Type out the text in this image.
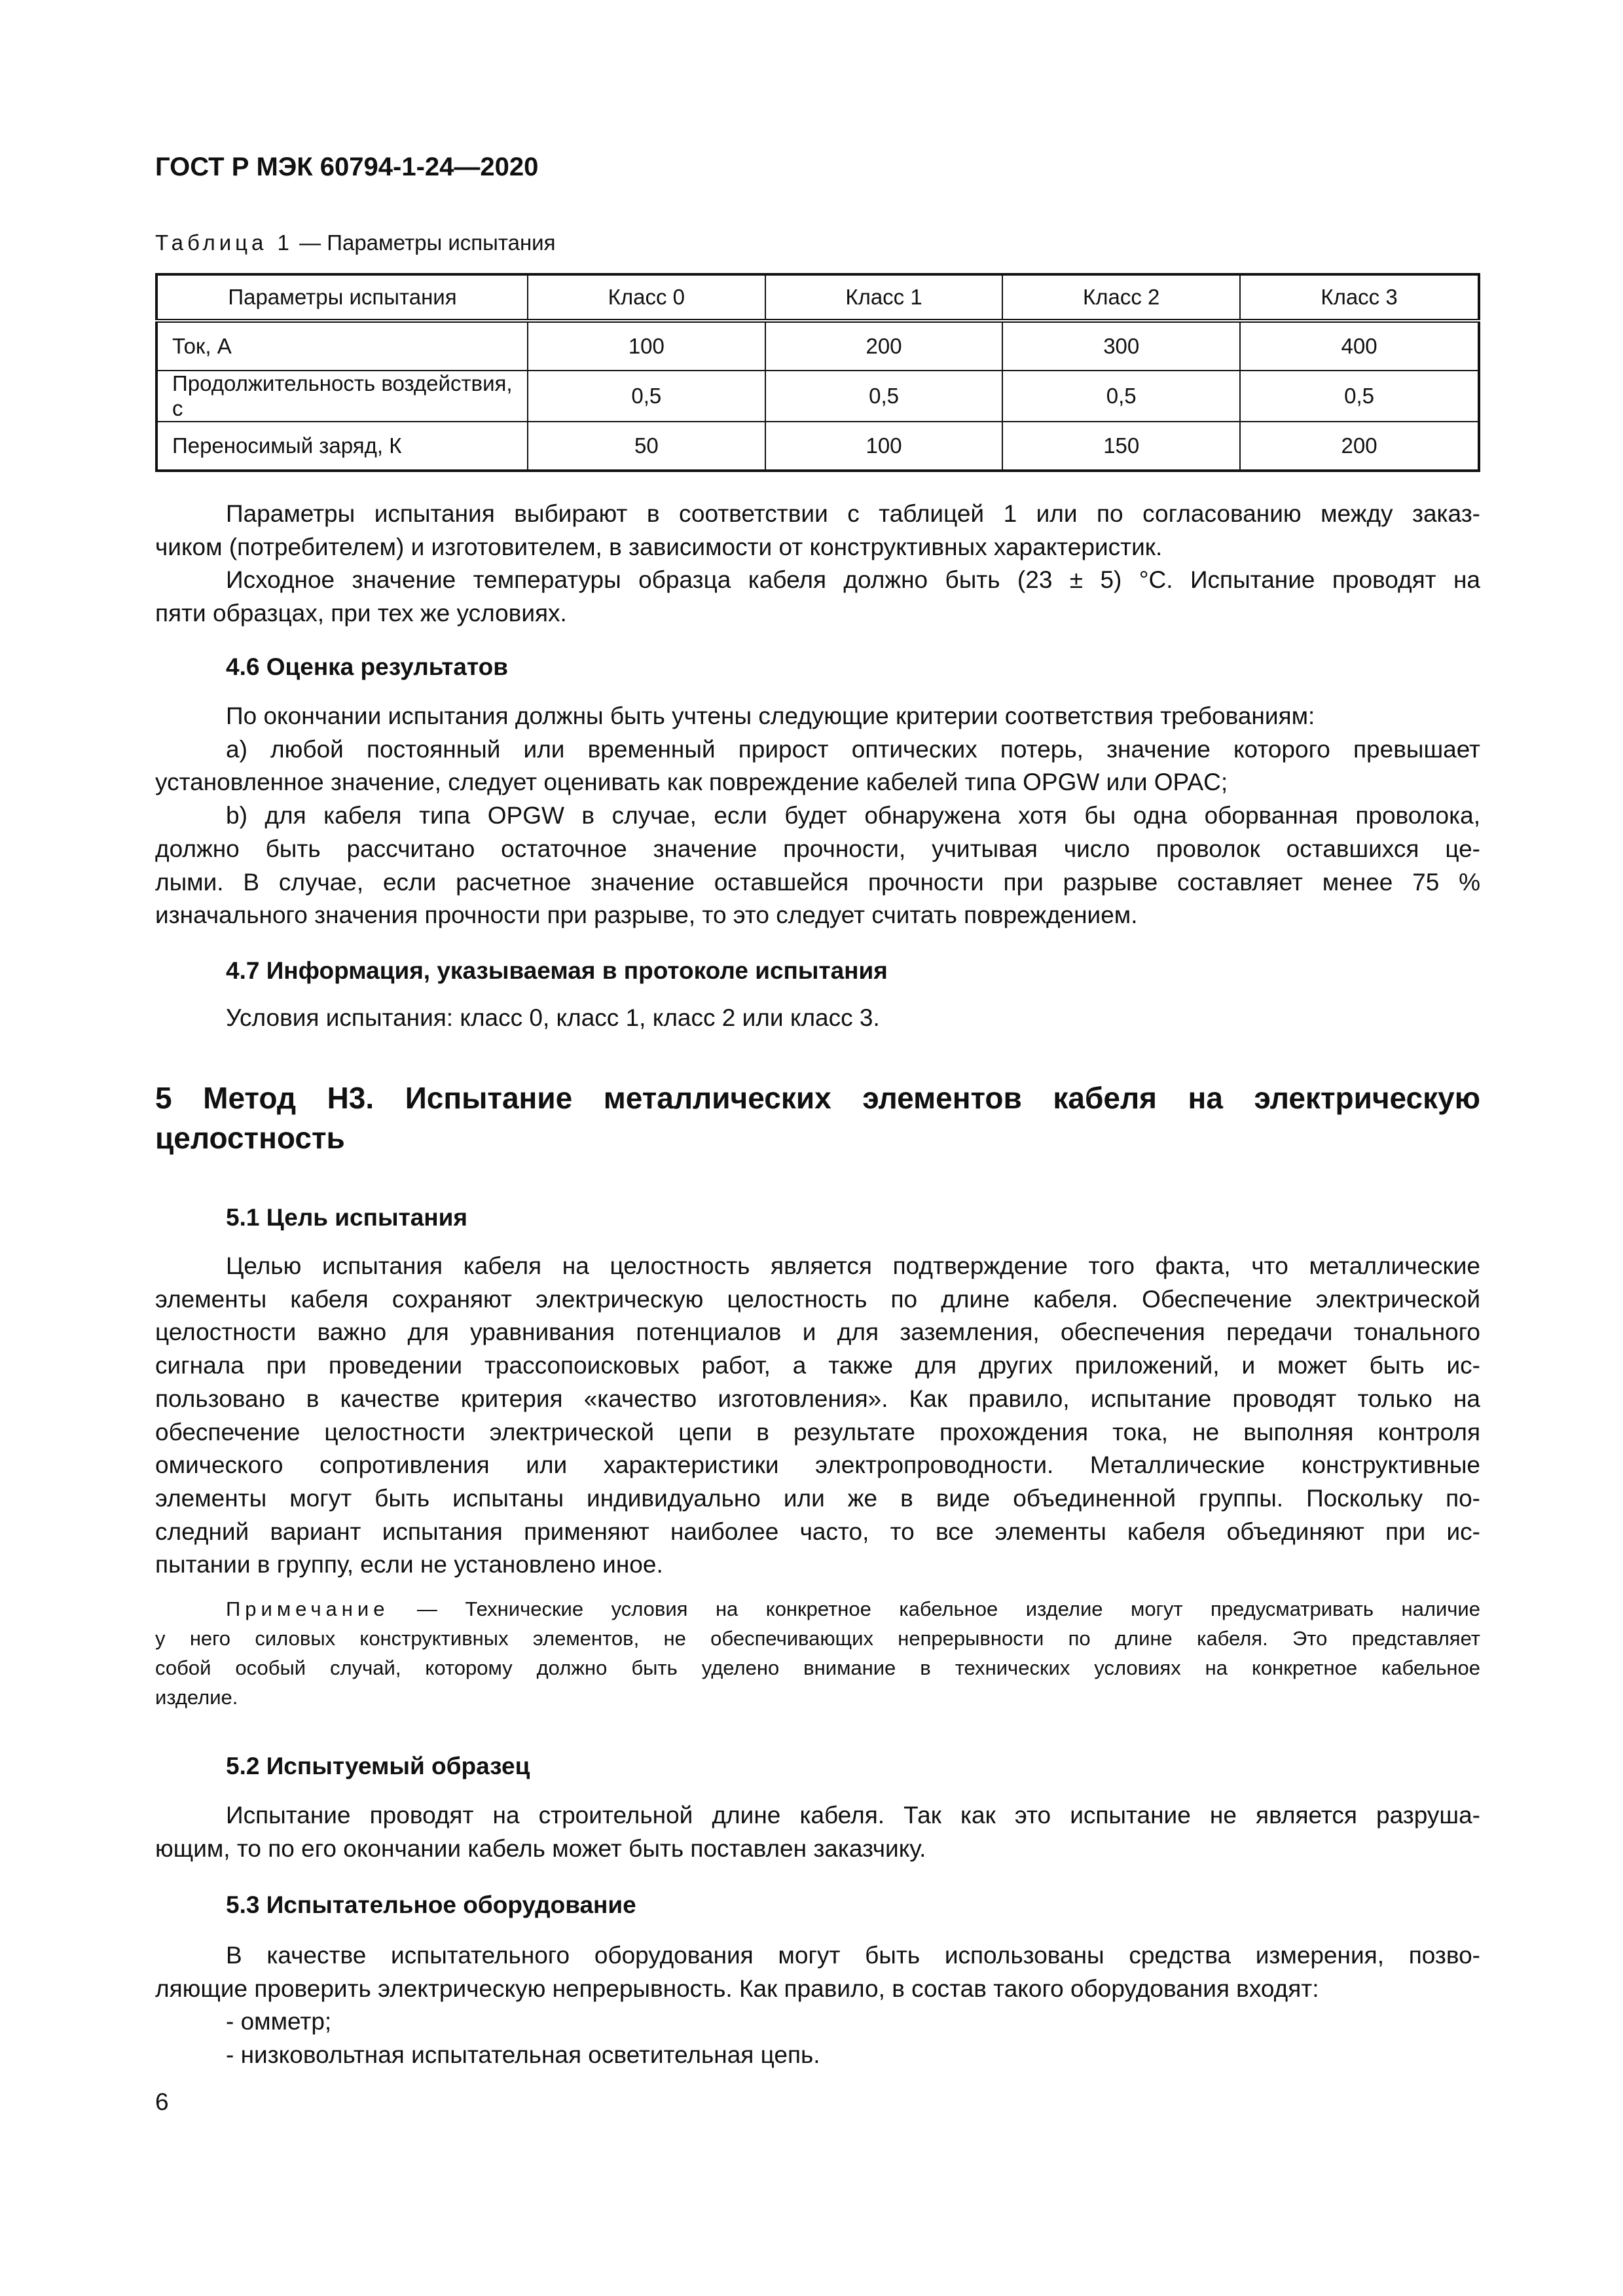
ГОСТ Р МЭК 60794-1-24—2020
Таблица 1 — Параметры испытания
Параметры испытания	Класс 0	Класс 1	Класс 2	Класс 3
Ток, А	100	200	300	400
Продолжительность воздействия, с	0,5	0,5	0,5	0,5
Переносимый заряд, К	50	100	150	200
Параметры испытания выбирают в соответствии с таблицей 1 или по согласованию между заказ-
чиком (потребителем) и изготовителем, в зависимости от конструктивных характеристик.
Исходное значение температуры образца кабеля должно быть (23 ± 5) °С. Испытание проводят на
пяти образцах, при тех же условиях.
4.6 Оценка результатов
По окончании испытания должны быть учтены следующие критерии соответствия требованиям:
a) любой постоянный или временный прирост оптических потерь, значение которого превышает
установленное значение, следует оценивать как повреждение кабелей типа OPGW или OPAC;
b) для кабеля типа OPGW в случае, если будет обнаружена хотя бы одна оборванная проволока,
должно быть рассчитано остаточное значение прочности, учитывая число проволок оставшихся це-
лыми. В случае, если расчетное значение оставшейся прочности при разрыве составляет менее 75 %
изначального значения прочности при разрыве, то это следует считать повреждением.
4.7 Информация, указываемая в протоколе испытания
Условия испытания: класс 0, класс 1, класс 2 или класс 3.
5 Метод Н3. Испытание металлических элементов кабеля на электрическую
целостность
5.1 Цель испытания
Целью испытания кабеля на целостность является подтверждение того факта, что металлические
элементы кабеля сохраняют электрическую целостность по длине кабеля. Обеспечение электрической
целостности важно для уравнивания потенциалов и для заземления, обеспечения передачи тонального
сигнала при проведении трассопоисковых работ, а также для других приложений, и может быть ис-
пользовано в качестве критерия «качество изготовления». Как правило, испытание проводят только на
обеспечение целостности электрической цепи в результате прохождения тока, не выполняя контроля
омического сопротивления или характеристики электропроводности. Металлические конструктивные
элементы могут быть испытаны индивидуально или же в виде объединенной группы. Поскольку по-
следний вариант испытания применяют наиболее часто, то все элементы кабеля объединяют при ис-
пытании в группу, если не установлено иное.
Примечание — Технические условия на конкретное кабельное изделие могут предусматривать наличие
у него силовых конструктивных элементов, не обеспечивающих непрерывности по длине кабеля. Это представляет
собой особый случай, которому должно быть уделено внимание в технических условиях на конкретное кабельное
изделие.
5.2 Испытуемый образец
Испытание проводят на строительной длине кабеля. Так как это испытание не является разруша-
ющим, то по его окончании кабель может быть поставлен заказчику.
5.3 Испытательное оборудование
В качестве испытательного оборудования могут быть использованы средства измерения, позво-
ляющие проверить электрическую непрерывность. Как правило, в состав такого оборудования входят:
- омметр;
- низковольтная испытательная осветительная цепь.
6
